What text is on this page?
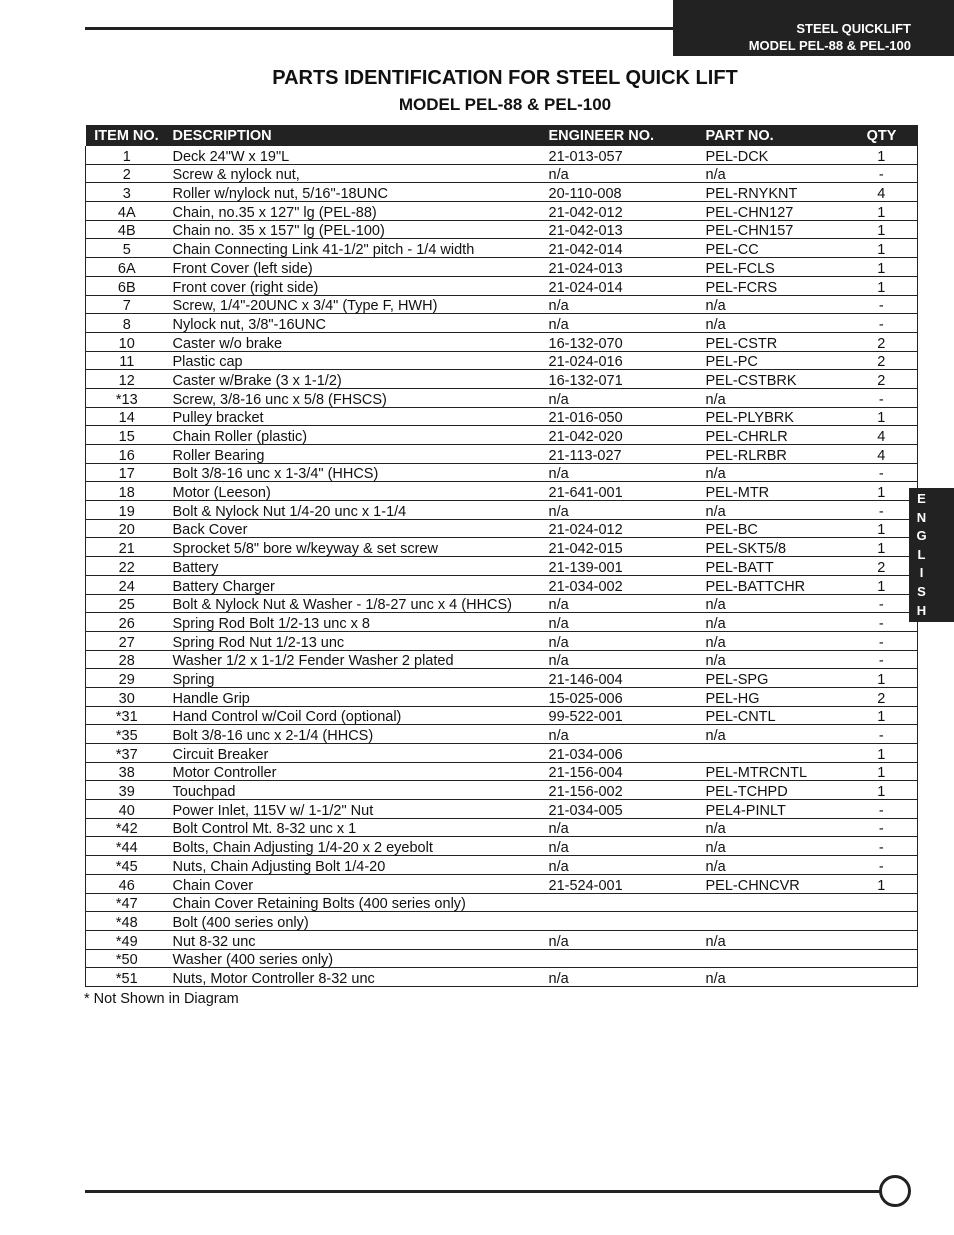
STEEL QUICKLIFT
MODEL PEL-88 & PEL-100
PARTS IDENTIFICATION FOR STEEL QUICK LIFT
MODEL PEL-88 & PEL-100
ITEM NO.	DESCRIPTION	ENGINEER NO.	PART NO.	QTY
1	Deck 24"W x 19"L	21-013-057	PEL-DCK	1
2	Screw & nylock nut,	n/a	n/a	-
3	Roller w/nylock nut, 5/16"-18UNC	20-110-008	PEL-RNYKNT	4
4A	Chain, no.35 x 127" lg (PEL-88)	21-042-012	PEL-CHN127	1
4B	Chain no. 35 x 157" lg (PEL-100)	21-042-013	PEL-CHN157	1
5	Chain Connecting Link 41-1/2" pitch - 1/4 width	21-042-014	PEL-CC	1
6A	Front Cover (left side)	21-024-013	PEL-FCLS	1
6B	Front cover (right side)	21-024-014	PEL-FCRS	1
7	Screw, 1/4"-20UNC x 3/4" (Type F, HWH)	n/a	n/a	-
8	Nylock nut, 3/8"-16UNC	n/a	n/a	-
10	Caster w/o brake	16-132-070	PEL-CSTR	2
11	Plastic cap	21-024-016	PEL-PC	2
12	Caster w/Brake (3 x 1-1/2)	16-132-071	PEL-CSTBRK	2
*13	Screw, 3/8-16 unc x 5/8 (FHSCS)	n/a	n/a	-
14	Pulley bracket	21-016-050	PEL-PLYBRK	1
15	Chain Roller (plastic)	21-042-020	PEL-CHRLR	4
16	Roller Bearing	21-113-027	PEL-RLRBR	4
17	Bolt 3/8-16 unc x 1-3/4" (HHCS)	n/a	n/a	-
18	Motor (Leeson)	21-641-001	PEL-MTR	1
19	Bolt & Nylock Nut 1/4-20 unc x 1-1/4	n/a	n/a	-
20	Back Cover	21-024-012	PEL-BC	1
21	Sprocket 5/8" bore w/keyway & set screw	21-042-015	PEL-SKT5/8	1
22	Battery	21-139-001	PEL-BATT	2
24	Battery Charger	21-034-002	PEL-BATTCHR	1
25	Bolt & Nylock Nut & Washer - 1/8-27 unc x 4 (HHCS)	n/a	n/a	-
26	Spring Rod Bolt 1/2-13 unc x 8	n/a	n/a	-
27	Spring Rod Nut 1/2-13 unc	n/a	n/a	-
28	Washer 1/2 x 1-1/2 Fender Washer 2 plated	n/a	n/a	-
29	Spring	21-146-004	PEL-SPG	1
30	Handle Grip	15-025-006	PEL-HG	2
*31	Hand Control w/Coil Cord (optional)	99-522-001	PEL-CNTL	1
*35	Bolt 3/8-16 unc x 2-1/4 (HHCS)	n/a	n/a	-
*37	Circuit Breaker	21-034-006		1
38	Motor Controller	21-156-004	PEL-MTRCNTL	1
39	Touchpad	21-156-002	PEL-TCHPD	1
40	Power Inlet, 115V w/ 1-1/2" Nut	21-034-005	PEL4-PINLT	-
*42	Bolt Control Mt. 8-32 unc x 1	n/a	n/a	-
*44	Bolts, Chain Adjusting 1/4-20 x 2 eyebolt	n/a	n/a	-
*45	Nuts, Chain Adjusting Bolt 1/4-20	n/a	n/a	-
46	Chain Cover	21-524-001	PEL-CHNCVR	1
*47	Chain Cover Retaining Bolts (400 series only)			
*48	Bolt (400 series only)			
*49	Nut 8-32 unc	n/a	n/a	
*50	Washer (400 series only)			
*51	Nuts, Motor Controller 8-32 unc	n/a	n/a	
* Not Shown in Diagram
E
N
G
L
I
S
H
